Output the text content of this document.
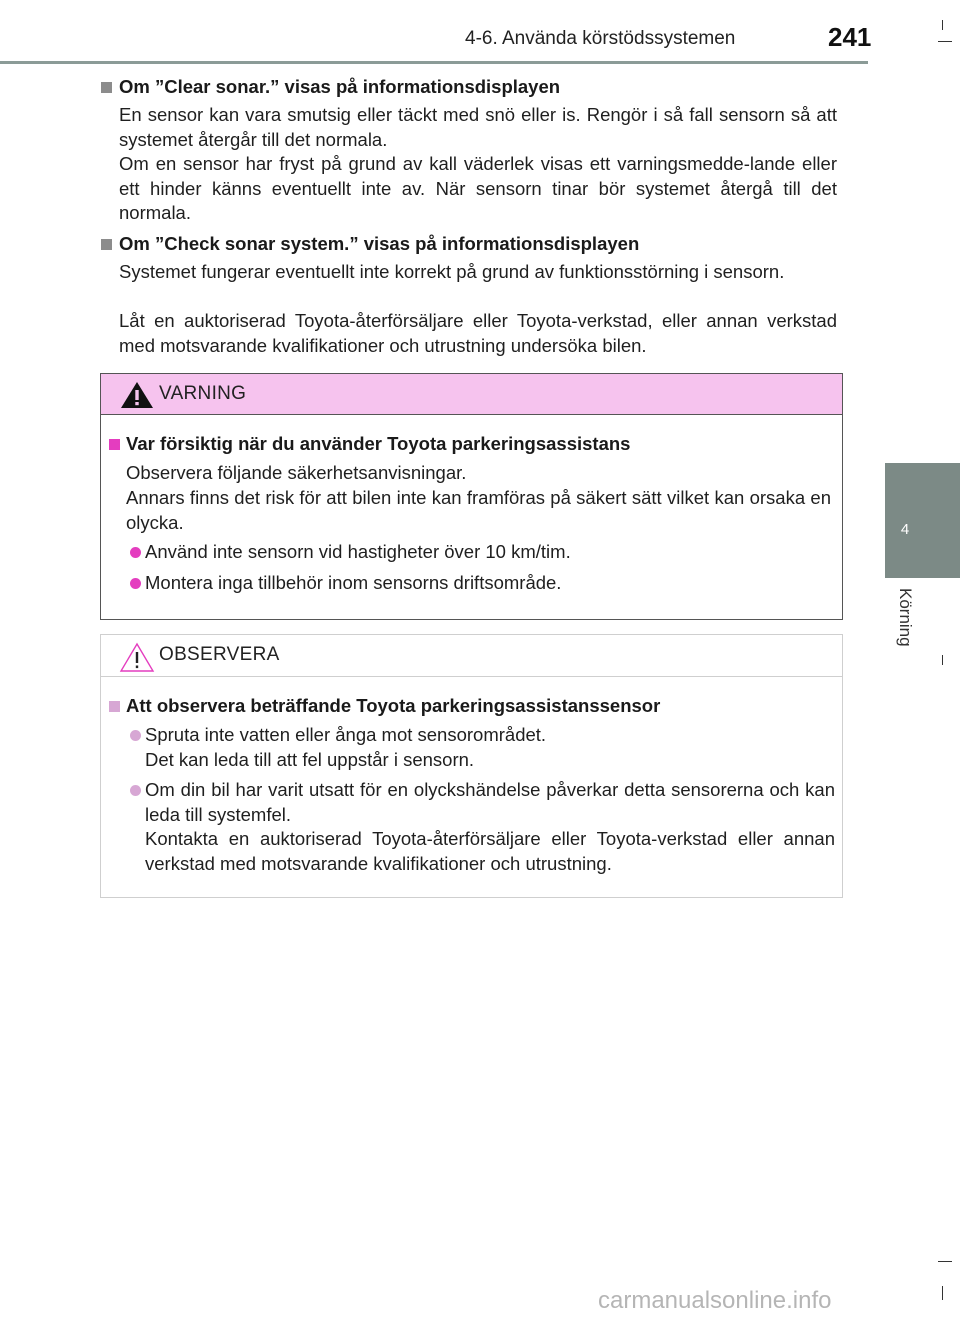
4-6. Använda körstödssystemen	241
4
Körning
Om ”Clear sonar.” visas på informationsdisplayen
En sensor kan vara smutsig eller täckt med snö eller is. Rengör i så fall sensorn så att systemet återgår till det normala.
Om en sensor har fryst på grund av kall väderlek visas ett varningsmedde-lande eller ett hinder känns eventuellt inte av. När sensorn tinar bör systemet återgå till det normala.
Om ”Check sonar system.” visas på informationsdisplayen
Systemet fungerar eventuellt inte korrekt på grund av funktionsstörning i sensorn.
Låt en auktoriserad Toyota-återförsäljare eller Toyota-verkstad, eller annan verkstad med motsvarande kvalifikationer och utrustning undersöka bilen.
VARNING
Var försiktig när du använder Toyota parkeringsassistans
Observera följande säkerhetsanvisningar.
Annars finns det risk för att bilen inte kan framföras på säkert sätt vilket kan orsaka en olycka.
Använd inte sensorn vid hastigheter över 10 km/tim.
Montera inga tillbehör inom sensorns driftsområde.
OBSERVERA
Att observera beträffande Toyota parkeringsassistanssensor
Spruta inte vatten eller ånga mot sensorområdet.
Det kan leda till att fel uppstår i sensorn.
Om din bil har varit utsatt för en olyckshändelse påverkar detta sensorerna och kan leda till systemfel.
Kontakta en auktoriserad Toyota-återförsäljare eller Toyota-verkstad eller annan verkstad med motsvarande kvalifikationer och utrustning.
carmanualsonline.info
